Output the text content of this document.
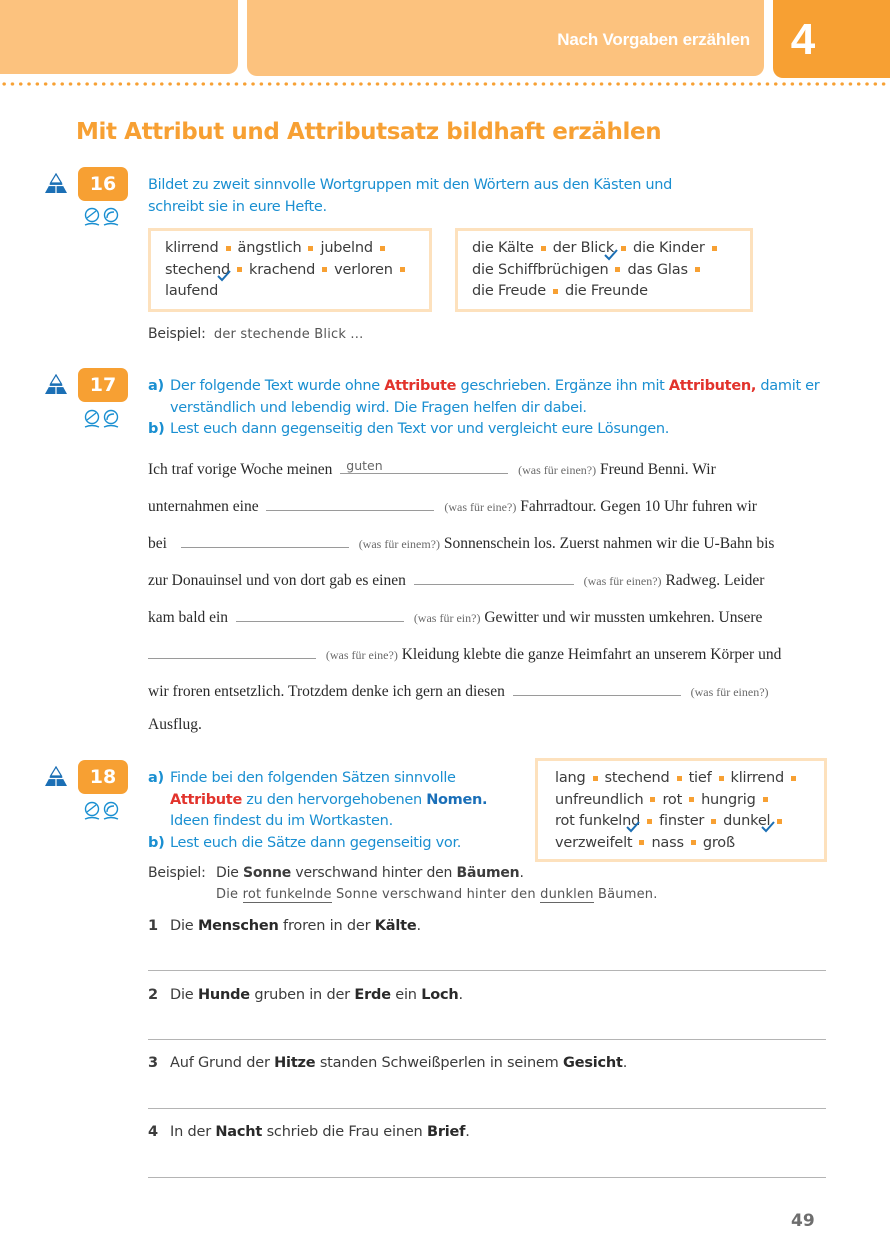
Nach Vorgaben erzählen 4
Mit Attribut und Attributsatz bildhaft erzählen
16	Bildet zu zweit sinnvolle Wortgruppen mit den Wörtern aus den Kästen und
schreibt sie in eure Hefte.
klirrend ängstlich jubelnd
stechend krachend verloren
laufend
die Kälte der Blick die Kinder
die Schiffbrüchigen das Glas
die Freude die Freunde
Beispiel: der stechende Blick ...
17	a) Der folgende Text wurde ohne Attribute geschrieben. Ergänze ihn mit Attributen, damit er
verständlich und lebendig wird. Die Fragen helfen dir dabei.
b) Lest euch dann gegenseitig den Text vor und vergleicht eure Lösungen.
Ich traf vorige Woche meinen guten	(was für einen?) Freund Benni. Wir
unternahmen eine	(was für eine?) Fahrradtour. Gegen 10 Uhr fuhren wir
bei	(was für einem?) Sonnenschein los. Zuerst nahmen wir die U-Bahn bis
zur Donauinsel und von dort gab es einen	(was für einen?) Radweg. Leider
kam bald ein	(was für ein?) Gewitter und wir mussten umkehren. Unsere
(was für eine?) Kleidung klebte die ganze Heimfahrt an unserem Körper und
wir froren entsetzlich. Trotzdem denke ich gern an diesen	(was für einen?)
Ausflug.
18	a) Finde bei den folgenden Sätzen sinnvolle
Attribute zu den hervorgehobenen Nomen.
Ideen findest du im Wortkasten.
b) Lest euch die Sätze dann gegenseitig vor.
lang stechend tief klirrend
unfreundlich rot hungrig
rot funkelnd finster dunkel
verzweifelt nass groß
Beispiel: Die Sonne verschwand hinter den Bäumen.
Die rot funkelnde Sonne verschwand hinter den dunklen Bäumen.
1 Die Menschen froren in der Kälte.
2 Die Hunde gruben in der Erde ein Loch.
3 Auf Grund der Hitze standen Schweißperlen in seinem Gesicht.
4 In der Nacht schrieb die Frau einen Brief.
49
